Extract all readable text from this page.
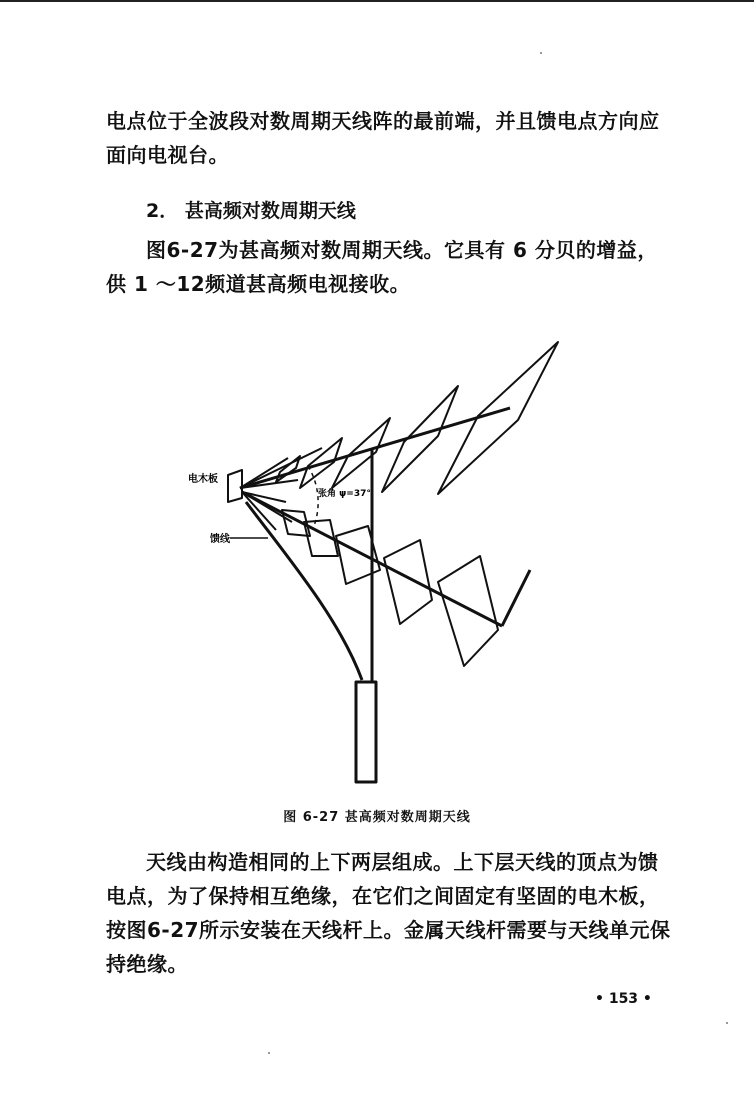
电点位于全波段对数周期天线阵的最前端，并且馈电点方向应面向电视台。

2． 甚高频对数周期天线

图6-27为甚高频对数周期天线。它具有 6 分贝的增益，供 1 ～12频道甚高频电视接收。

电木板
张角 ψ=37°
馈线
图 6-27 甚高频对数周期天线

天线由构造相同的上下两层组成。上下层天线的顶点为馈电点，为了保持相互绝缘，在它们之间固定有坚固的电木板，按图6-27所示安装在天线杆上。金属天线杆需要与天线单元保持绝缘。

• 153 •
